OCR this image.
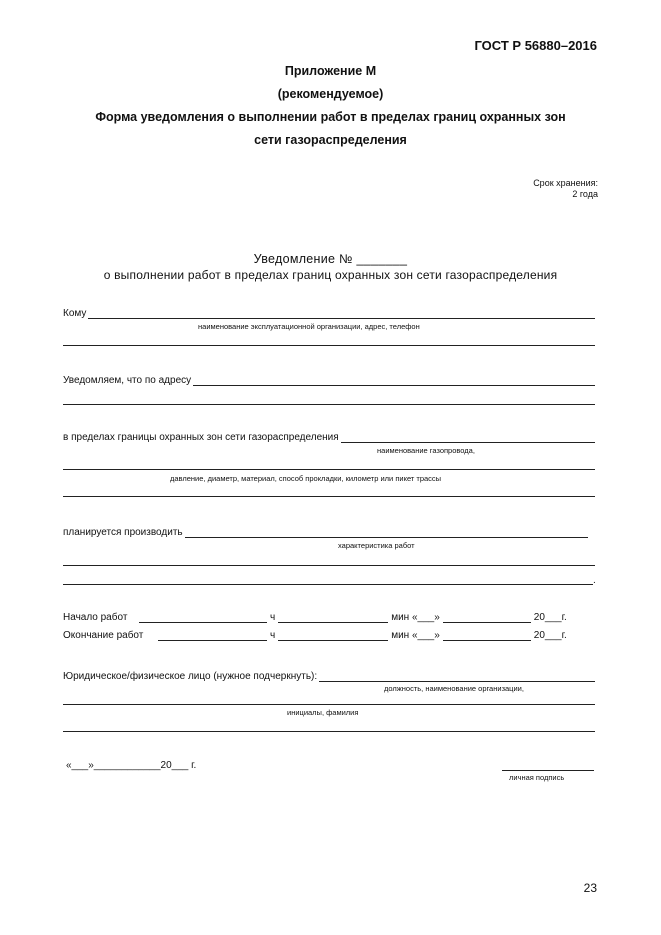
ГОСТ Р 56880–2016
Приложение М
(рекомендуемое)
Форма уведомления о выполнении работ в пределах границ охранных зон
сети газораспределения
Срок хранения:
2 года
Уведомление № _______
о выполнении работ в пределах границ охранных зон сети газораспределения
Кому
наименование эксплуатационной организации, адрес, телефон
Уведомляем, что по адресу
в пределах границы охранных зон сети газораспределения
наименование газопровода,
давление, диаметр, материал, способ прокладки, километр или пикет трассы
планируется производить
характеристика работ
.
Начало работ	ч	мин «___»	20___г.
Окончание работ	ч	мин «___»	20___г.
Юридическое/физическое лицо (нужное подчеркнуть):
должность, наименование организации,
инициалы, фамилия
«___»____________20___ г.
личная подпись
23
